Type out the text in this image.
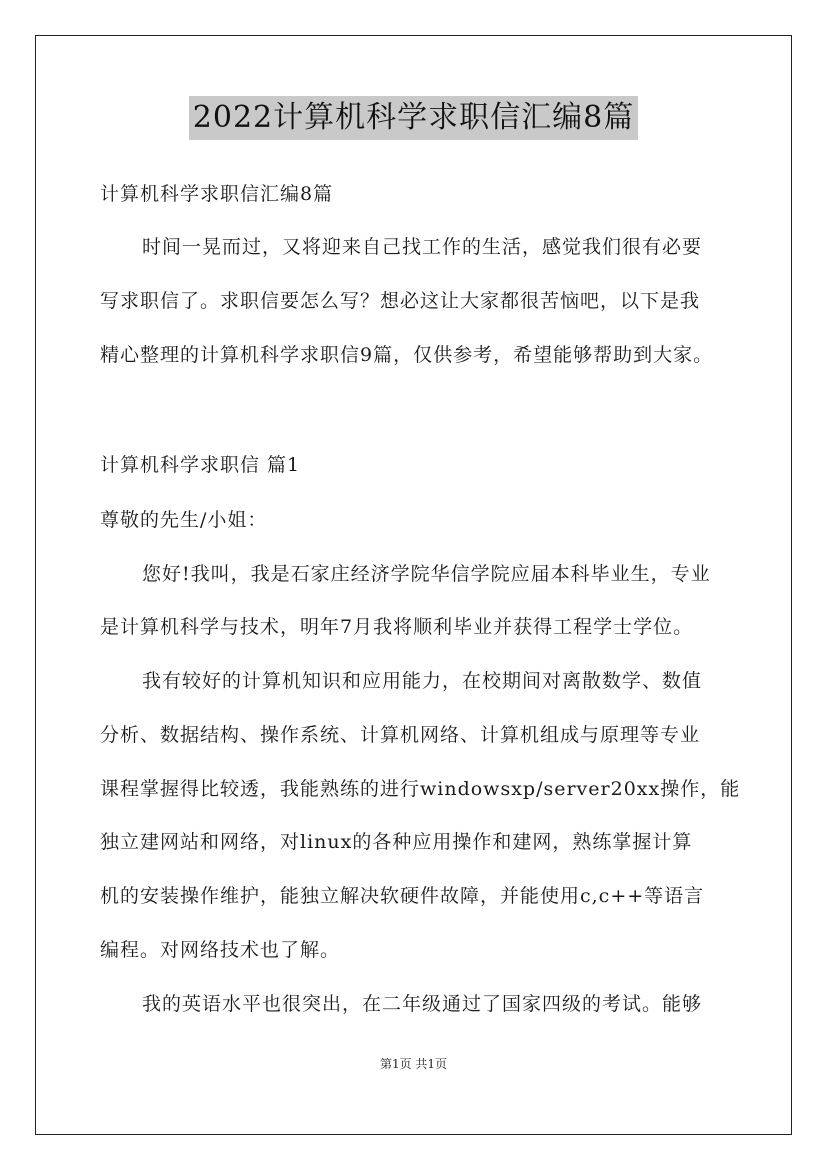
2022计算机科学求职信汇编8篇
计算机科学求职信汇编8篇
时间一晃而过，又将迎来自己找工作的生活，感觉我们很有必要
写求职信了。求职信要怎么写？想必这让大家都很苦恼吧，以下是我
精心整理的计算机科学求职信9篇，仅供参考，希望能够帮助到大家。
计算机科学求职信 篇1
尊敬的先生/小姐：
您好!我叫，我是石家庄经济学院华信学院应届本科毕业生，专业
是计算机科学与技术，明年7月我将顺利毕业并获得工程学士学位。
我有较好的计算机知识和应用能力，在校期间对离散数学、数值
分析、数据结构、操作系统、计算机网络、计算机组成与原理等专业
课程掌握得比较透，我能熟练的进行windowsxp/server20xx操作，能
独立建网站和网络，对linux的各种应用操作和建网，熟练掌握计算
机的安装操作维护，能独立解决软硬件故障，并能使用c,c++等语言
编程。对网络技术也了解。
我的英语水平也很突出，在二年级通过了国家四级的考试。能够
第1页 共1页
